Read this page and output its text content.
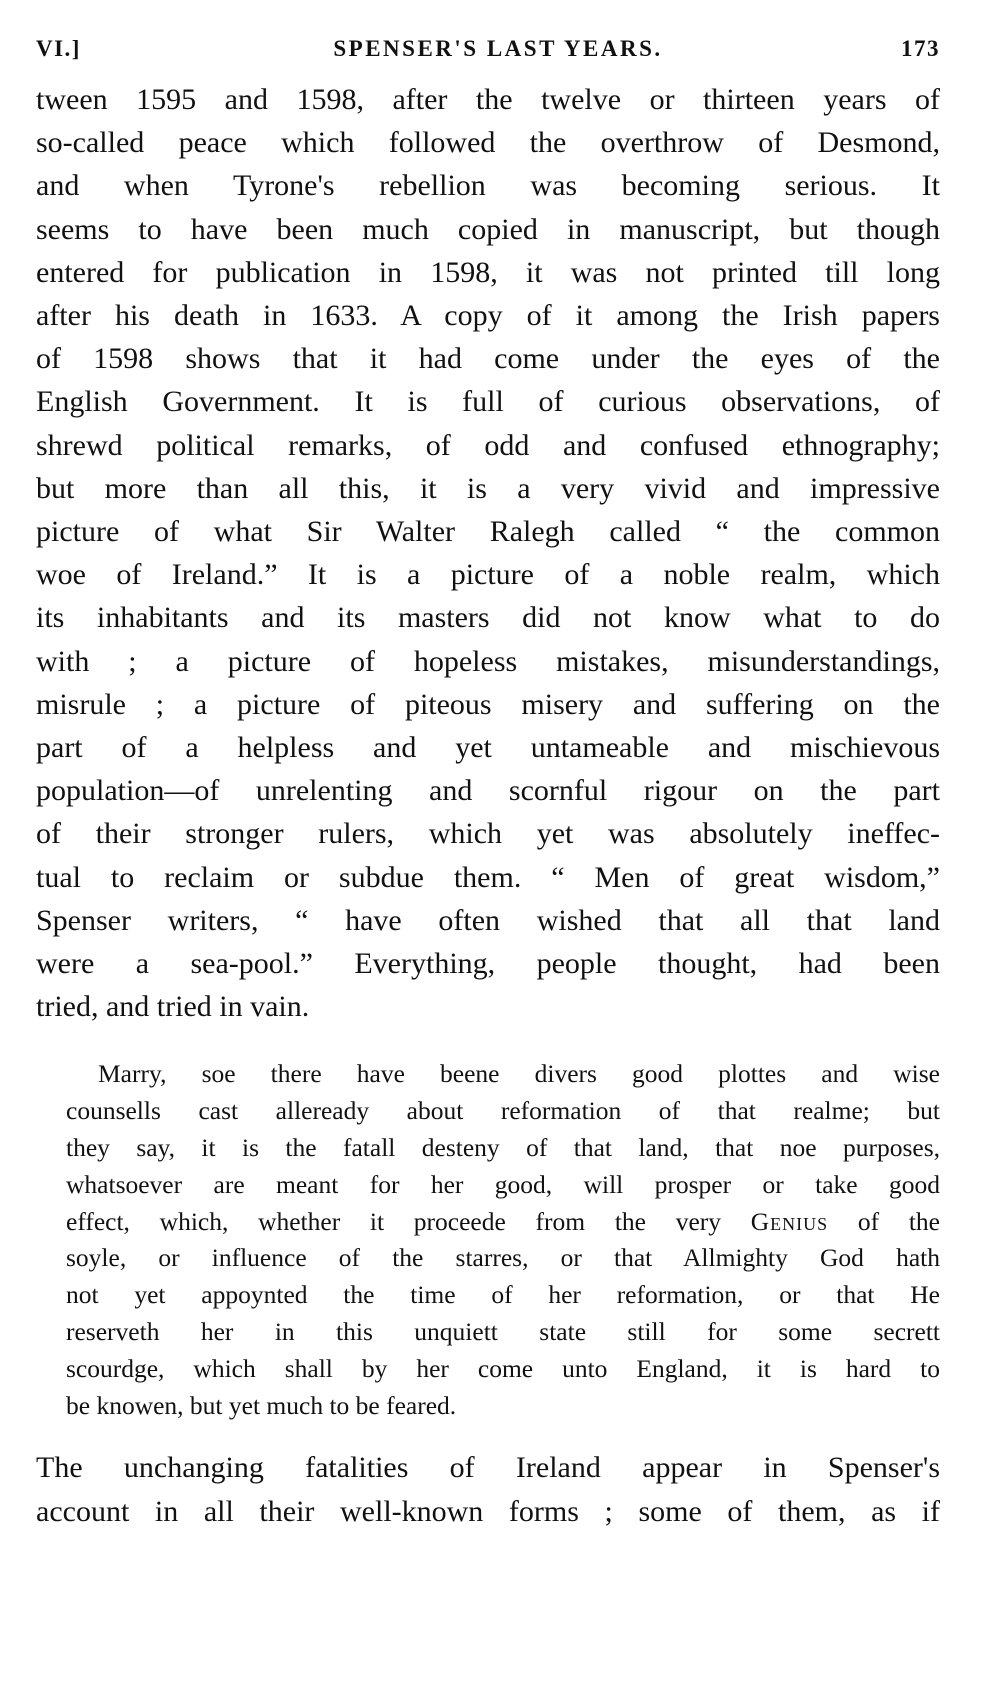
VI.]	SPENSER'S LAST YEARS.	173
tween 1595 and 1598, after the twelve or thirteen years of
so-called peace which followed the overthrow of Desmond,
and when Tyrone's rebellion was becoming serious. It
seems to have been much copied in manuscript, but though
entered for publication in 1598, it was not printed till long
after his death in 1633. A copy of it among the Irish papers
of 1598 shows that it had come under the eyes of the
English Government. It is full of curious observations, of
shrewd political remarks, of odd and confused ethnography;
but more than all this, it is a very vivid and impressive
picture of what Sir Walter Ralegh called “ the common
woe of Ireland.” It is a picture of a noble realm, which
its inhabitants and its masters did not know what to do
with ; a picture of hopeless mistakes, misunderstandings,
misrule ; a picture of piteous misery and suffering on the
part of a helpless and yet untameable and mischievous
population—of unrelenting and scornful rigour on the part
of their stronger rulers, which yet was absolutely ineffec-
tual to reclaim or subdue them. “ Men of great wisdom,”
Spenser writers, “ have often wished that all that land
were a sea-pool.” Everything, people thought, had been
tried, and tried in vain.
Marry, soe there have beene divers good plottes and wise
counsells cast alleready about reformation of that realme; but
they say, it is the fatall desteny of that land, that noe purposes,
whatsoever are meant for her good, will prosper or take good
effect, which, whether it proceede from the very Genius of the
soyle, or influence of the starres, or that Allmighty God hath
not yet appoynted the time of her reformation, or that He
reserveth her in this unquiett state still for some secrett
scourdge, which shall by her come unto England, it is hard to
be knowen, but yet much to be feared.
The unchanging fatalities of Ireland appear in Spenser's
account in all their well-known forms ; some of them, as if
